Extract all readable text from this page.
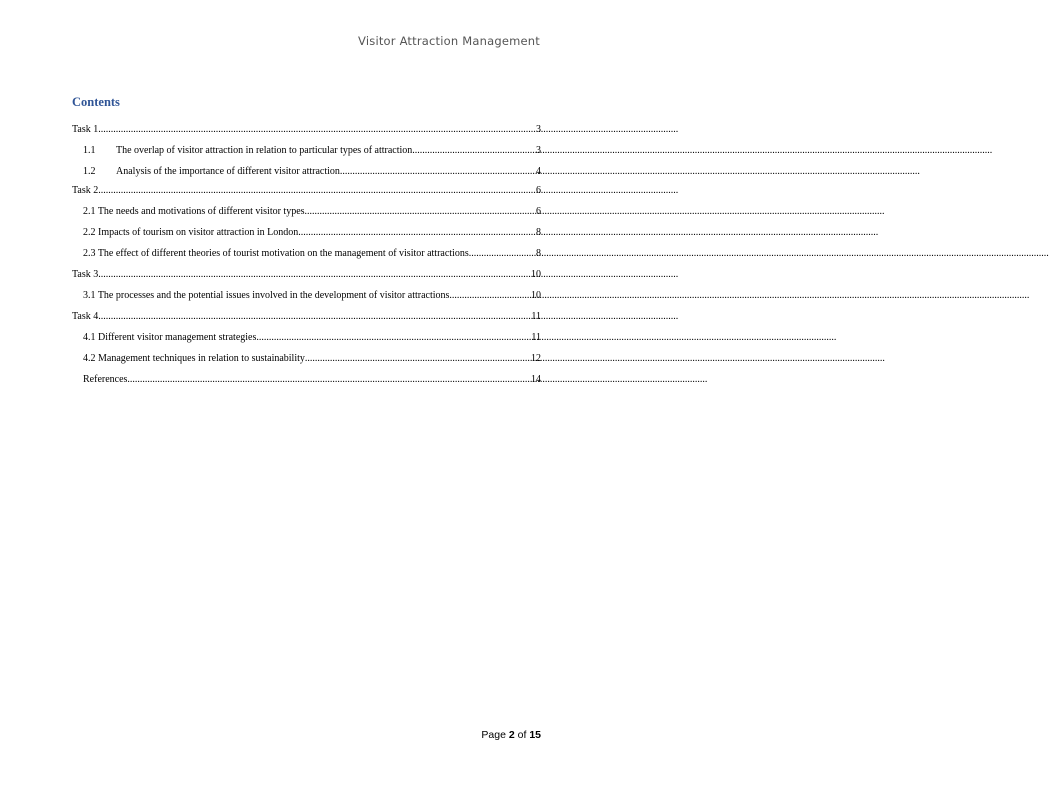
Visitor Attraction Management
Contents
Task 1 .....	3
1.1	The overlap of visitor attraction in relation to particular types of attraction .....	3
1.2	Analysis of the importance of different visitor attraction .....	4
Task 2 .....	6
2.1 The needs and motivations of different visitor types .....	6
2.2 Impacts of tourism on visitor attraction in London .....	8
2.3 The effect of different theories of tourist motivation on the management of visitor attractions .....	8
Task 3 .....	10
3.1 The processes and the potential issues involved in the development of visitor attractions .....	10
Task 4 .....	11
4.1 Different visitor management strategies .....	11
4.2 Management techniques in relation to sustainability .....	12
References .....	14
Page 2 of 15
